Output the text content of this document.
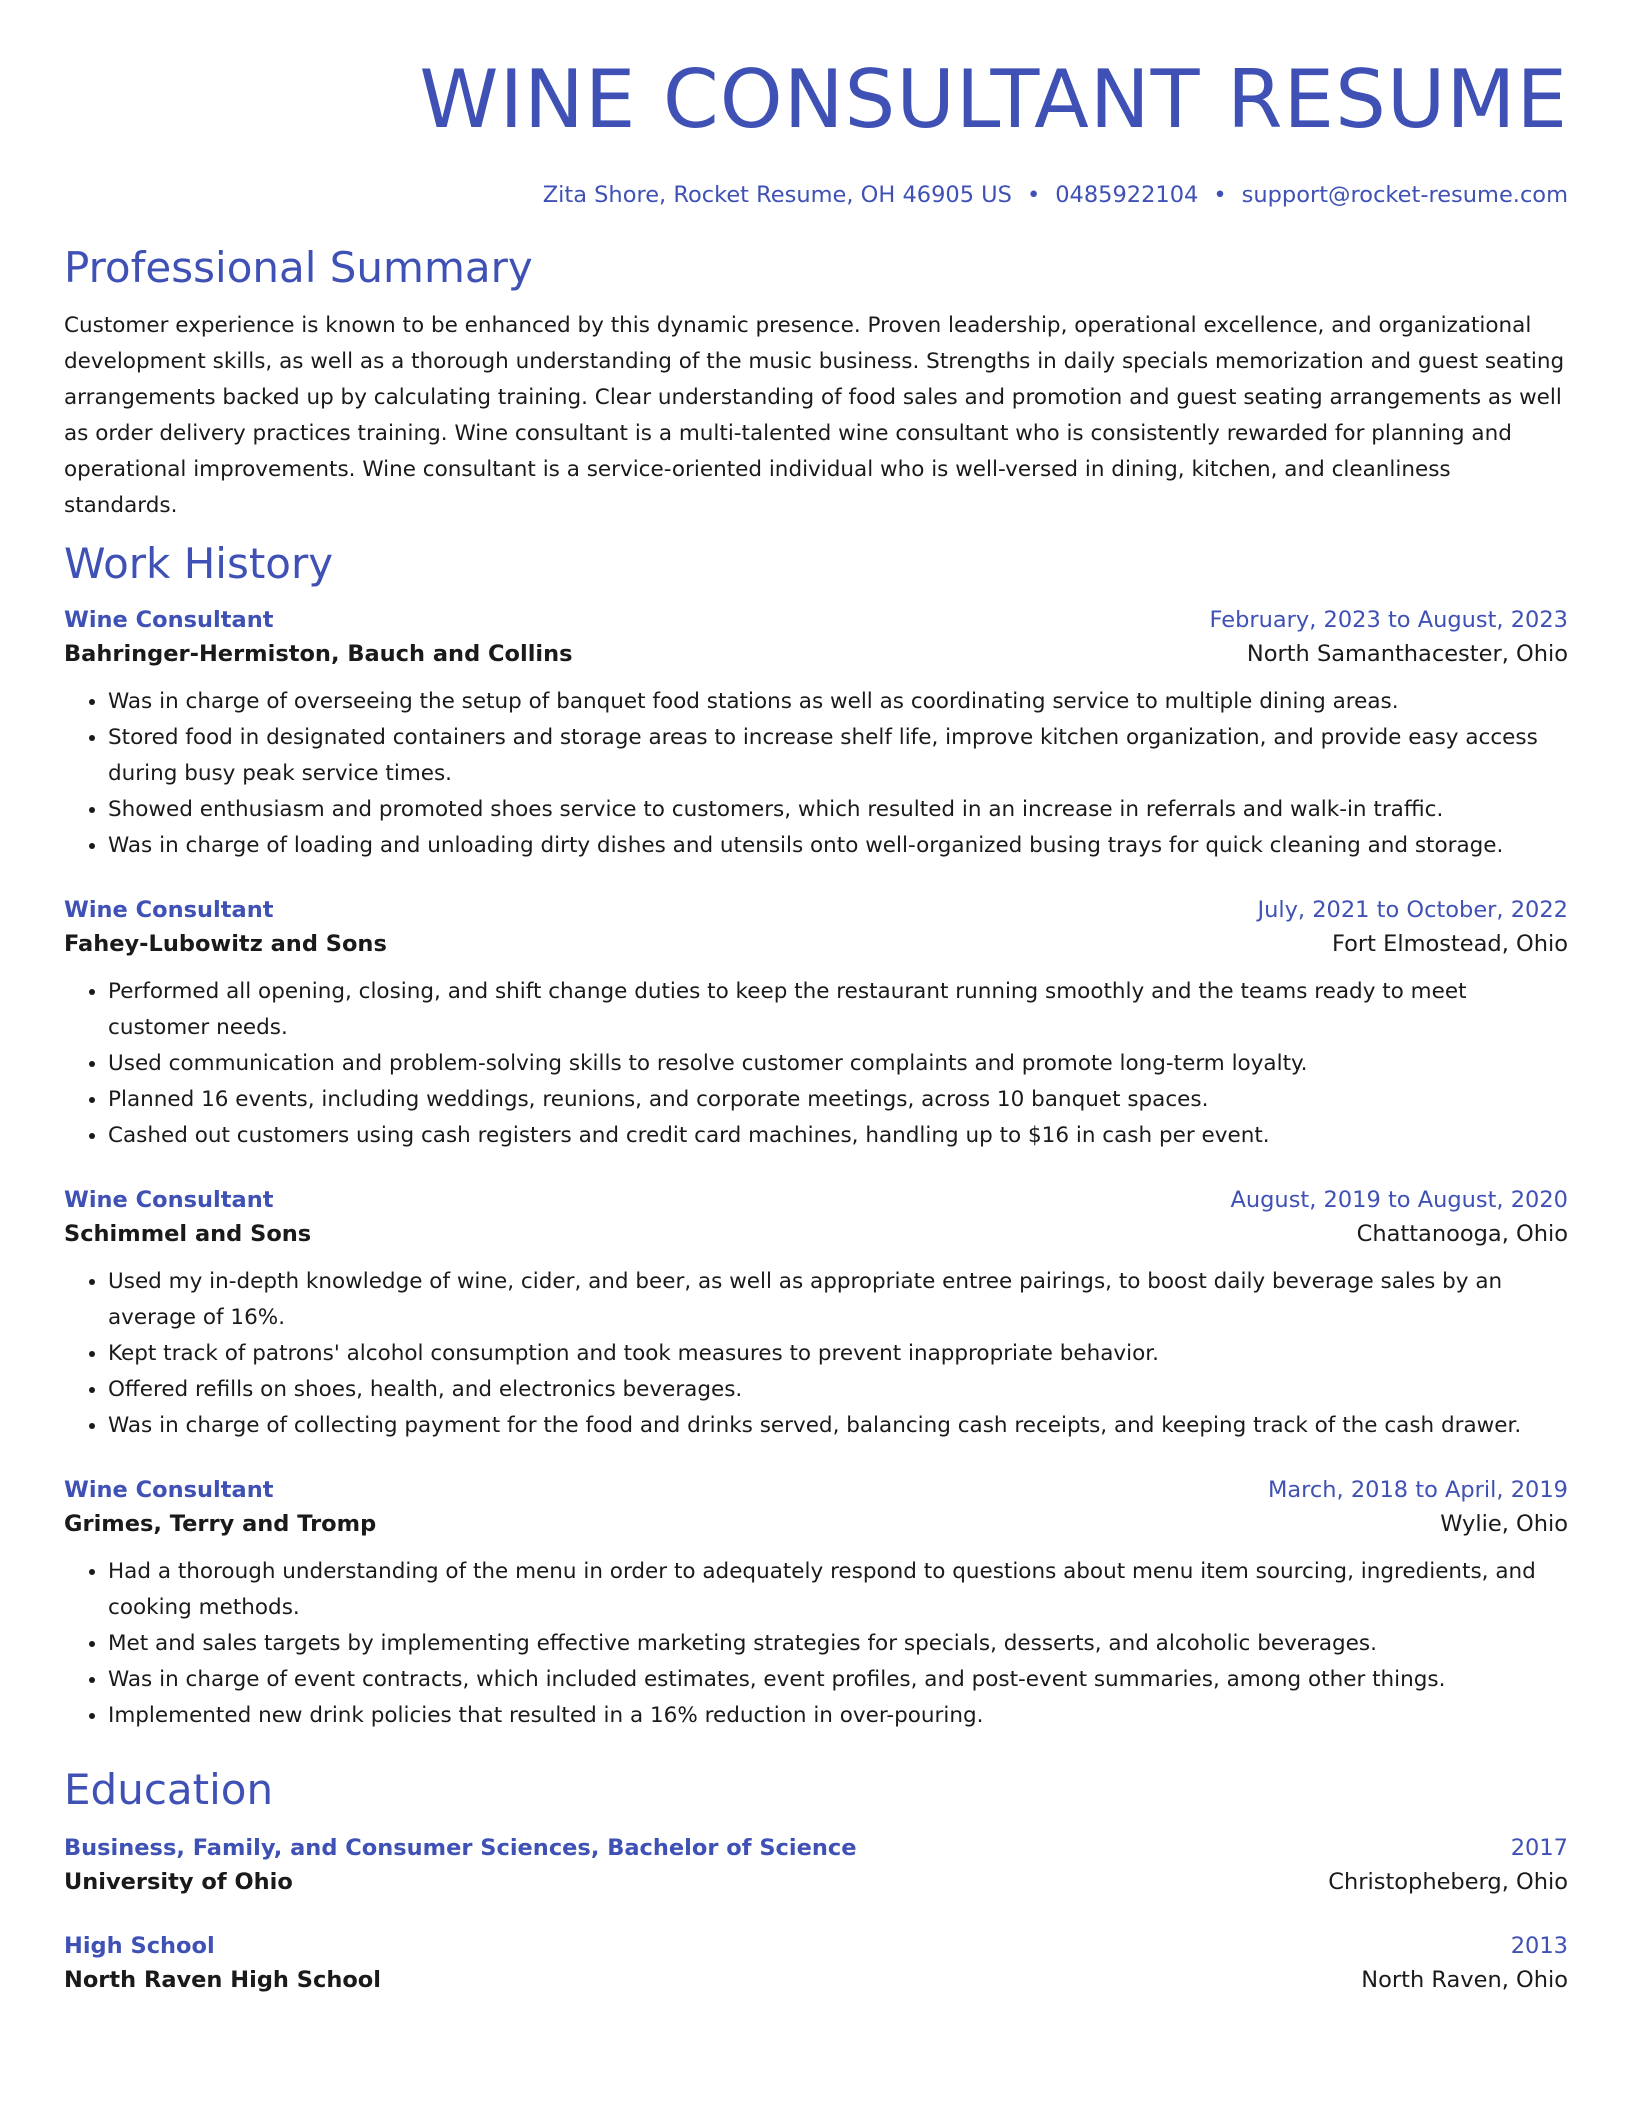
WINE CONSULTANT RESUME
Zita Shore, Rocket Resume, OH 46905 US • 0485922104 • support@rocket-resume.com
Professional Summary
Customer experience is known to be enhanced by this dynamic presence. Proven leadership, operational excellence, and organizational development skills, as well as a thorough understanding of the music business. Strengths in daily specials memorization and guest seating arrangements backed up by calculating training. Clear understanding of food sales and promotion and guest seating arrangements as well as order delivery practices training. Wine consultant is a multi-talented wine consultant who is consistently rewarded for planning and operational improvements. Wine consultant is a service-oriented individual who is well-versed in dining, kitchen, and cleanliness standards.
Work History
Wine Consultant	February, 2023 to August, 2023
Bahringer-Hermiston, Bauch and Collins	North Samanthacester, Ohio
• Was in charge of overseeing the setup of banquet food stations as well as coordinating service to multiple dining areas.
• Stored food in designated containers and storage areas to increase shelf life, improve kitchen organization, and provide easy access during busy peak service times.
• Showed enthusiasm and promoted shoes service to customers, which resulted in an increase in referrals and walk-in traffic.
• Was in charge of loading and unloading dirty dishes and utensils onto well-organized busing trays for quick cleaning and storage.
Wine Consultant	July, 2021 to October, 2022
Fahey-Lubowitz and Sons	Fort Elmostead, Ohio
• Performed all opening, closing, and shift change duties to keep the restaurant running smoothly and the teams ready to meet customer needs.
• Used communication and problem-solving skills to resolve customer complaints and promote long-term loyalty.
• Planned 16 events, including weddings, reunions, and corporate meetings, across 10 banquet spaces.
• Cashed out customers using cash registers and credit card machines, handling up to $16 in cash per event.
Wine Consultant	August, 2019 to August, 2020
Schimmel and Sons	Chattanooga, Ohio
• Used my in-depth knowledge of wine, cider, and beer, as well as appropriate entree pairings, to boost daily beverage sales by an average of 16%.
• Kept track of patrons' alcohol consumption and took measures to prevent inappropriate behavior.
• Offered refills on shoes, health, and electronics beverages.
• Was in charge of collecting payment for the food and drinks served, balancing cash receipts, and keeping track of the cash drawer.
Wine Consultant	March, 2018 to April, 2019
Grimes, Terry and Tromp	Wylie, Ohio
• Had a thorough understanding of the menu in order to adequately respond to questions about menu item sourcing, ingredients, and cooking methods.
• Met and sales targets by implementing effective marketing strategies for specials, desserts, and alcoholic beverages.
• Was in charge of event contracts, which included estimates, event profiles, and post-event summaries, among other things.
• Implemented new drink policies that resulted in a 16% reduction in over-pouring.
Education
Business, Family, and Consumer Sciences, Bachelor of Science	2017
University of Ohio	Christopheberg, Ohio
High School	2013
North Raven High School	North Raven, Ohio
